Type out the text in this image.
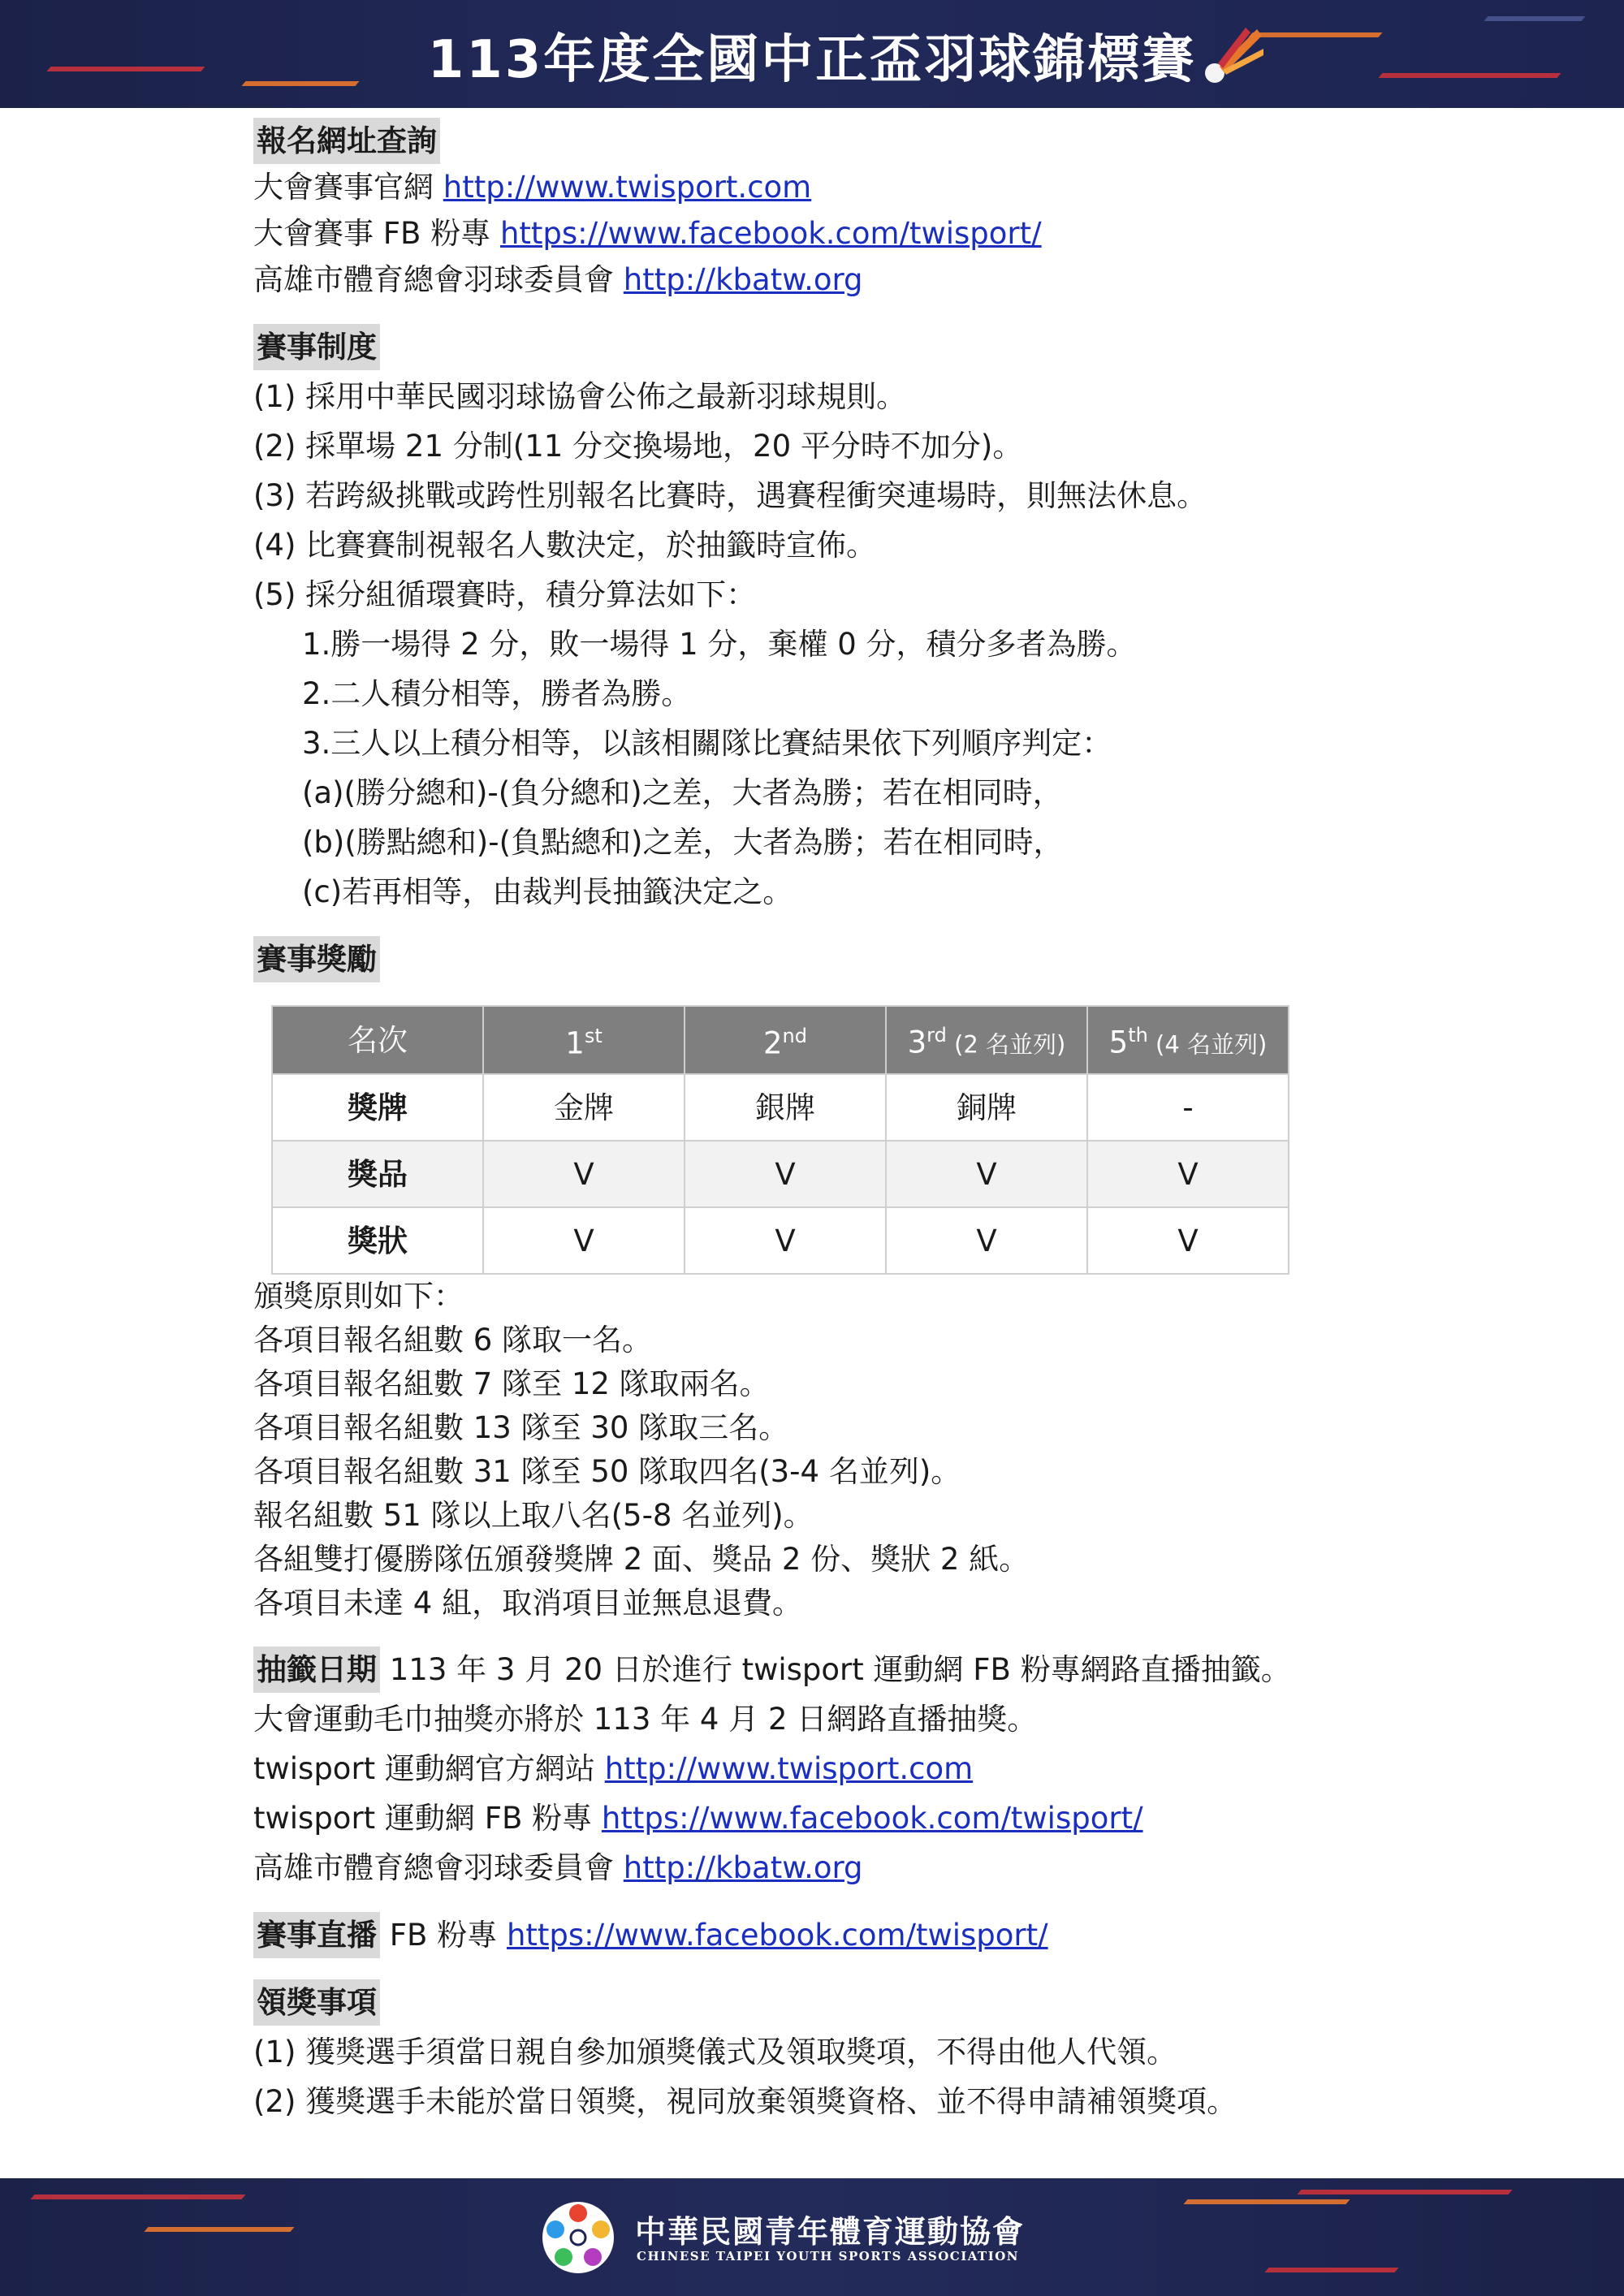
113年度全國中正盃羽球錦標賽
報名網址查詢
大會賽事官網 http://www.twisport.com
大會賽事 FB 粉專 https://www.facebook.com/twisport/
高雄市體育總會羽球委員會 http://kbatw.org
賽事制度
(1) 採用中華民國羽球協會公佈之最新羽球規則。
(2) 採單場 21 分制(11 分交換場地，20 平分時不加分)。
(3) 若跨級挑戰或跨性別報名比賽時，遇賽程衝突連場時，則無法休息。
(4) 比賽賽制視報名人數決定，於抽籤時宣佈。
(5) 採分組循環賽時，積分算法如下：
1.勝一場得 2 分，敗一場得 1 分，棄權 0 分，積分多者為勝。
2.二人積分相等，勝者為勝。
3.三人以上積分相等，以該相關隊比賽結果依下列順序判定：
(a)(勝分總和)-(負分總和)之差，大者為勝；若在相同時，
(b)(勝點總和)-(負點總和)之差，大者為勝；若在相同時，
(c)若再相等，由裁判長抽籤決定之。
賽事獎勵
名次	1st	2nd	3rd (2 名並列)	5th (4 名並列)
獎牌	金牌	銀牌	銅牌	-
獎品	V	V	V	V
獎狀	V	V	V	V
頒獎原則如下：
各項目報名組數 6 隊取一名。
各項目報名組數 7 隊至 12 隊取兩名。
各項目報名組數 13 隊至 30 隊取三名。
各項目報名組數 31 隊至 50 隊取四名(3-4 名並列)。
報名組數 51 隊以上取八名(5-8 名並列)。
各組雙打優勝隊伍頒發獎牌 2 面、獎品 2 份、獎狀 2 紙。
各項目未達 4 組，取消項目並無息退費。
抽籤日期 113 年 3 月 20 日於進行 twisport 運動網 FB 粉專網路直播抽籤。
大會運動毛巾抽獎亦將於 113 年 4 月 2 日網路直播抽獎。
twisport 運動網官方網站 http://www.twisport.com
twisport 運動網 FB 粉專 https://www.facebook.com/twisport/
高雄市體育總會羽球委員會 http://kbatw.org
賽事直播 FB 粉專 https://www.facebook.com/twisport/
領獎事項
(1) 獲獎選手須當日親自參加頒獎儀式及領取獎項，不得由他人代領。
(2) 獲獎選手未能於當日領獎，視同放棄領獎資格、並不得申請補領獎項。
中華民國青年體育運動協會
CHINESE TAIPEI YOUTH SPORTS ASSOCIATION
